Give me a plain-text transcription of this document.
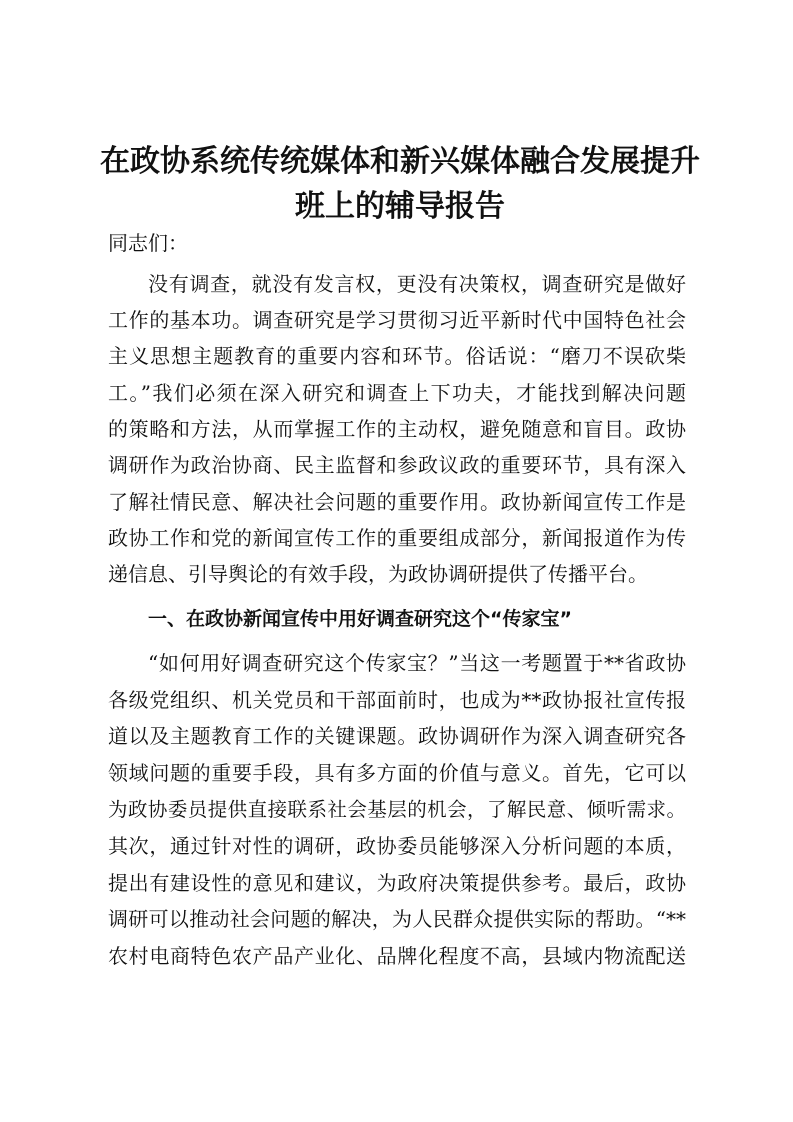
在政协系统传统媒体和新兴媒体融合发展提升
班上的辅导报告
同志们：
没有调查，就没有发言权，更没有决策权，调查研究是做好
工作的基本功。调查研究是学习贯彻习近平新时代中国特色社会
主义思想主题教育的重要内容和环节。俗话说：“磨刀不误砍柴
工。”我们必须在深入研究和调查上下功夫，才能找到解决问题
的策略和方法，从而掌握工作的主动权，避免随意和盲目。政协
调研作为政治协商、民主监督和参政议政的重要环节，具有深入
了解社情民意、解决社会问题的重要作用。政协新闻宣传工作是
政协工作和党的新闻宣传工作的重要组成部分，新闻报道作为传
递信息、引导舆论的有效手段，为政协调研提供了传播平台。
一、在政协新闻宣传中用好调查研究这个“传家宝”
“如何用好调查研究这个传家宝？”当这一考题置于**省政协
各级党组织、机关党员和干部面前时，也成为**政协报社宣传报
道以及主题教育工作的关键课题。政协调研作为深入调查研究各
领域问题的重要手段，具有多方面的价值与意义。首先，它可以
为政协委员提供直接联系社会基层的机会，了解民意、倾听需求。
其次，通过针对性的调研，政协委员能够深入分析问题的本质，
提出有建设性的意见和建议，为政府决策提供参考。最后，政协
调研可以推动社会问题的解决，为人民群众提供实际的帮助。“**
农村电商特色农产品产业化、品牌化程度不高，县域内物流配送
